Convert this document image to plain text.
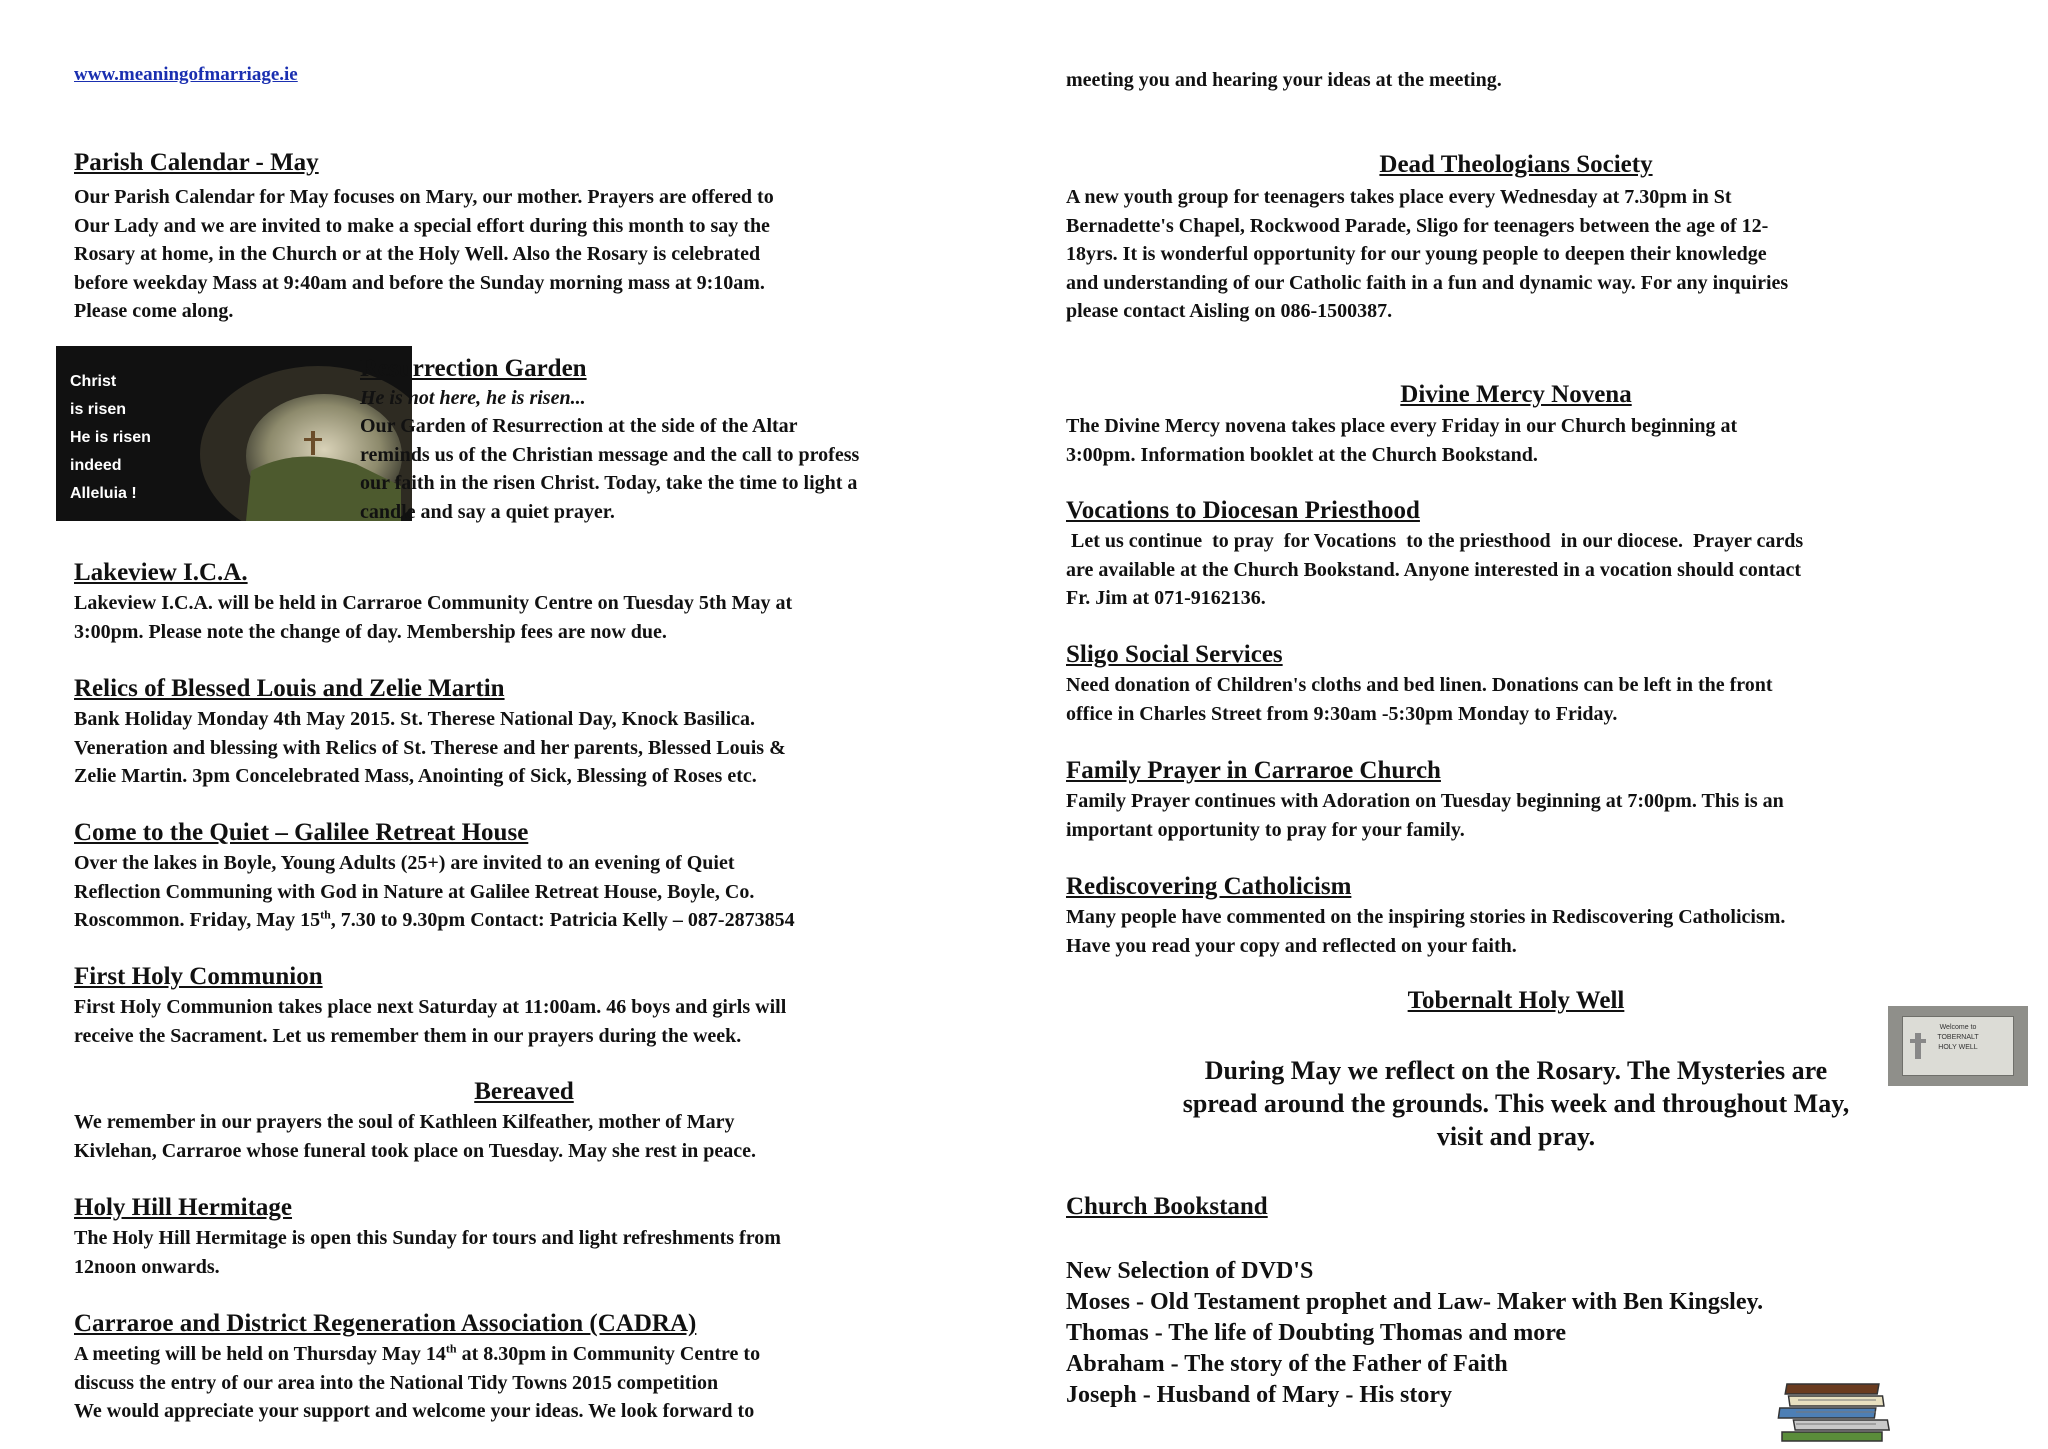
www.meaningofmarriage.ie
Parish Calendar - May
Our Parish Calendar for May focuses on Mary, our mother. Prayers are offered to
Our Lady and we are invited to make a special effort during this month to say the
Rosary at home, in the Church or at the Holy Well. Also the Rosary is celebrated
before weekday Mass at 9:40am and before the Sunday morning mass at 9:10am.
Please come along.
Christ
is risen
He is risen
indeed
Alleluia !
Resurrection Garden
He is not here, he is risen...
Our Garden of Resurrection at the side of the Altar
reminds us of the Christian message and the call to profess
our faith in the risen Christ. Today, take the time to light a
candle and say a quiet prayer.
Lakeview I.C.A.
Lakeview I.C.A. will be held in Carraroe Community Centre on Tuesday 5th May at
3:00pm. Please note the change of day. Membership fees are now due.
Relics of Blessed Louis and Zelie Martin
Bank Holiday Monday 4th May 2015. St. Therese National Day, Knock Basilica.
Veneration and blessing with Relics of St. Therese and her parents, Blessed Louis &
Zelie Martin. 3pm Concelebrated Mass, Anointing of Sick, Blessing of Roses etc.
Come to the Quiet – Galilee Retreat House
Over the lakes in Boyle, Young Adults (25+) are invited to an evening of Quiet
Reflection Communing with God in Nature at Galilee Retreat House, Boyle, Co.
Roscommon. Friday, May 15th, 7.30 to 9.30pm Contact: Patricia Kelly – 087-2873854
First Holy Communion
First Holy Communion takes place next Saturday at 11:00am. 46 boys and girls will
receive the Sacrament. Let us remember them in our prayers during the week.
Bereaved
We remember in our prayers the soul of Kathleen Kilfeather, mother of Mary
Kivlehan, Carraroe whose funeral took place on Tuesday. May she rest in peace.
Holy Hill Hermitage
The Holy Hill Hermitage is open this Sunday for tours and light refreshments from
12noon onwards.
Carraroe and District Regeneration Association (CADRA)
A meeting will be held on Thursday May 14th at 8.30pm in Community Centre to
discuss the entry of our area into the National Tidy Towns 2015 competition
We would appreciate your support and welcome your ideas. We look forward to
meeting you and hearing your ideas at the meeting.
Dead Theologians Society
A new youth group for teenagers takes place every Wednesday at 7.30pm in St
Bernadette's Chapel, Rockwood Parade, Sligo for teenagers between the age of 12-
18yrs. It is wonderful opportunity for our young people to deepen their knowledge
and understanding of our Catholic faith in a fun and dynamic way. For any inquiries
please contact Aisling on 086-1500387.
Divine Mercy Novena
The Divine Mercy novena takes place every Friday in our Church beginning at
3:00pm. Information booklet at the Church Bookstand.
Vocations to Diocesan Priesthood
Let us continue  to pray  for Vocations  to the priesthood  in our diocese.  Prayer cards
are available at the Church Bookstand. Anyone interested in a vocation should contact
Fr. Jim at 071-9162136.
Sligo Social Services
Need donation of Children's cloths and bed linen. Donations can be left in the front
office in Charles Street from 9:30am -5:30pm Monday to Friday.
Family Prayer in Carraroe Church
Family Prayer continues with Adoration on Tuesday beginning at 7:00pm. This is an
important opportunity to pray for your family.
Rediscovering Catholicism
Many people have commented on the inspiring stories in Rediscovering Catholicism.
Have you read your copy and reflected on your faith.
Tobernalt Holy Well
During May we reflect on the Rosary. The Mysteries are
spread around the grounds. This week and throughout May,
visit and pray.
Church Bookstand
New Selection of DVD'S
Moses - Old Testament prophet and Law- Maker with Ben Kingsley.
Thomas - The life of Doubting Thomas and more
Abraham - The story of the Father of Faith
Joseph - Husband of Mary - His story
Welcome to
TOBERNALT
HOLY WELL
